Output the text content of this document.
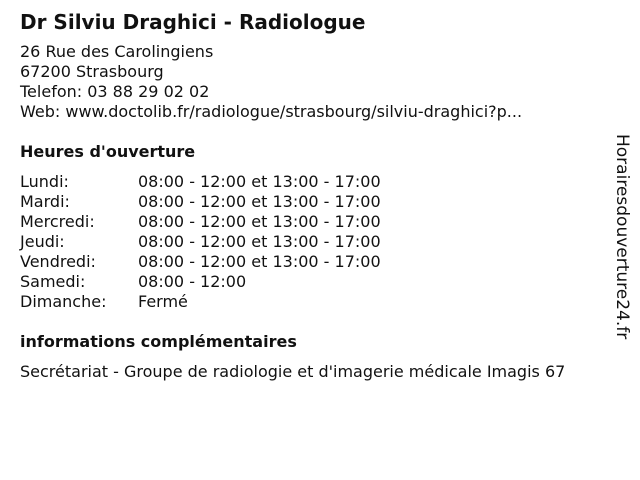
Dr Silviu Draghici - Radiologue
26 Rue des Carolingiens
67200 Strasbourg
Telefon: 03 88 29 02 02
Web: www.doctolib.fr/radiologue/strasbourg/silviu-draghici?p...
Heures d'ouverture
Lundi:	08:00 - 12:00 et 13:00 - 17:00
Mardi:	08:00 - 12:00 et 13:00 - 17:00
Mercredi:	08:00 - 12:00 et 13:00 - 17:00
Jeudi:	08:00 - 12:00 et 13:00 - 17:00
Vendredi:	08:00 - 12:00 et 13:00 - 17:00
Samedi:	08:00 - 12:00
Dimanche:	Fermé
informations complémentaires
Secrétariat - Groupe de radiologie et d'imagerie médicale Imagis 67
Horairesdouverture24.fr
